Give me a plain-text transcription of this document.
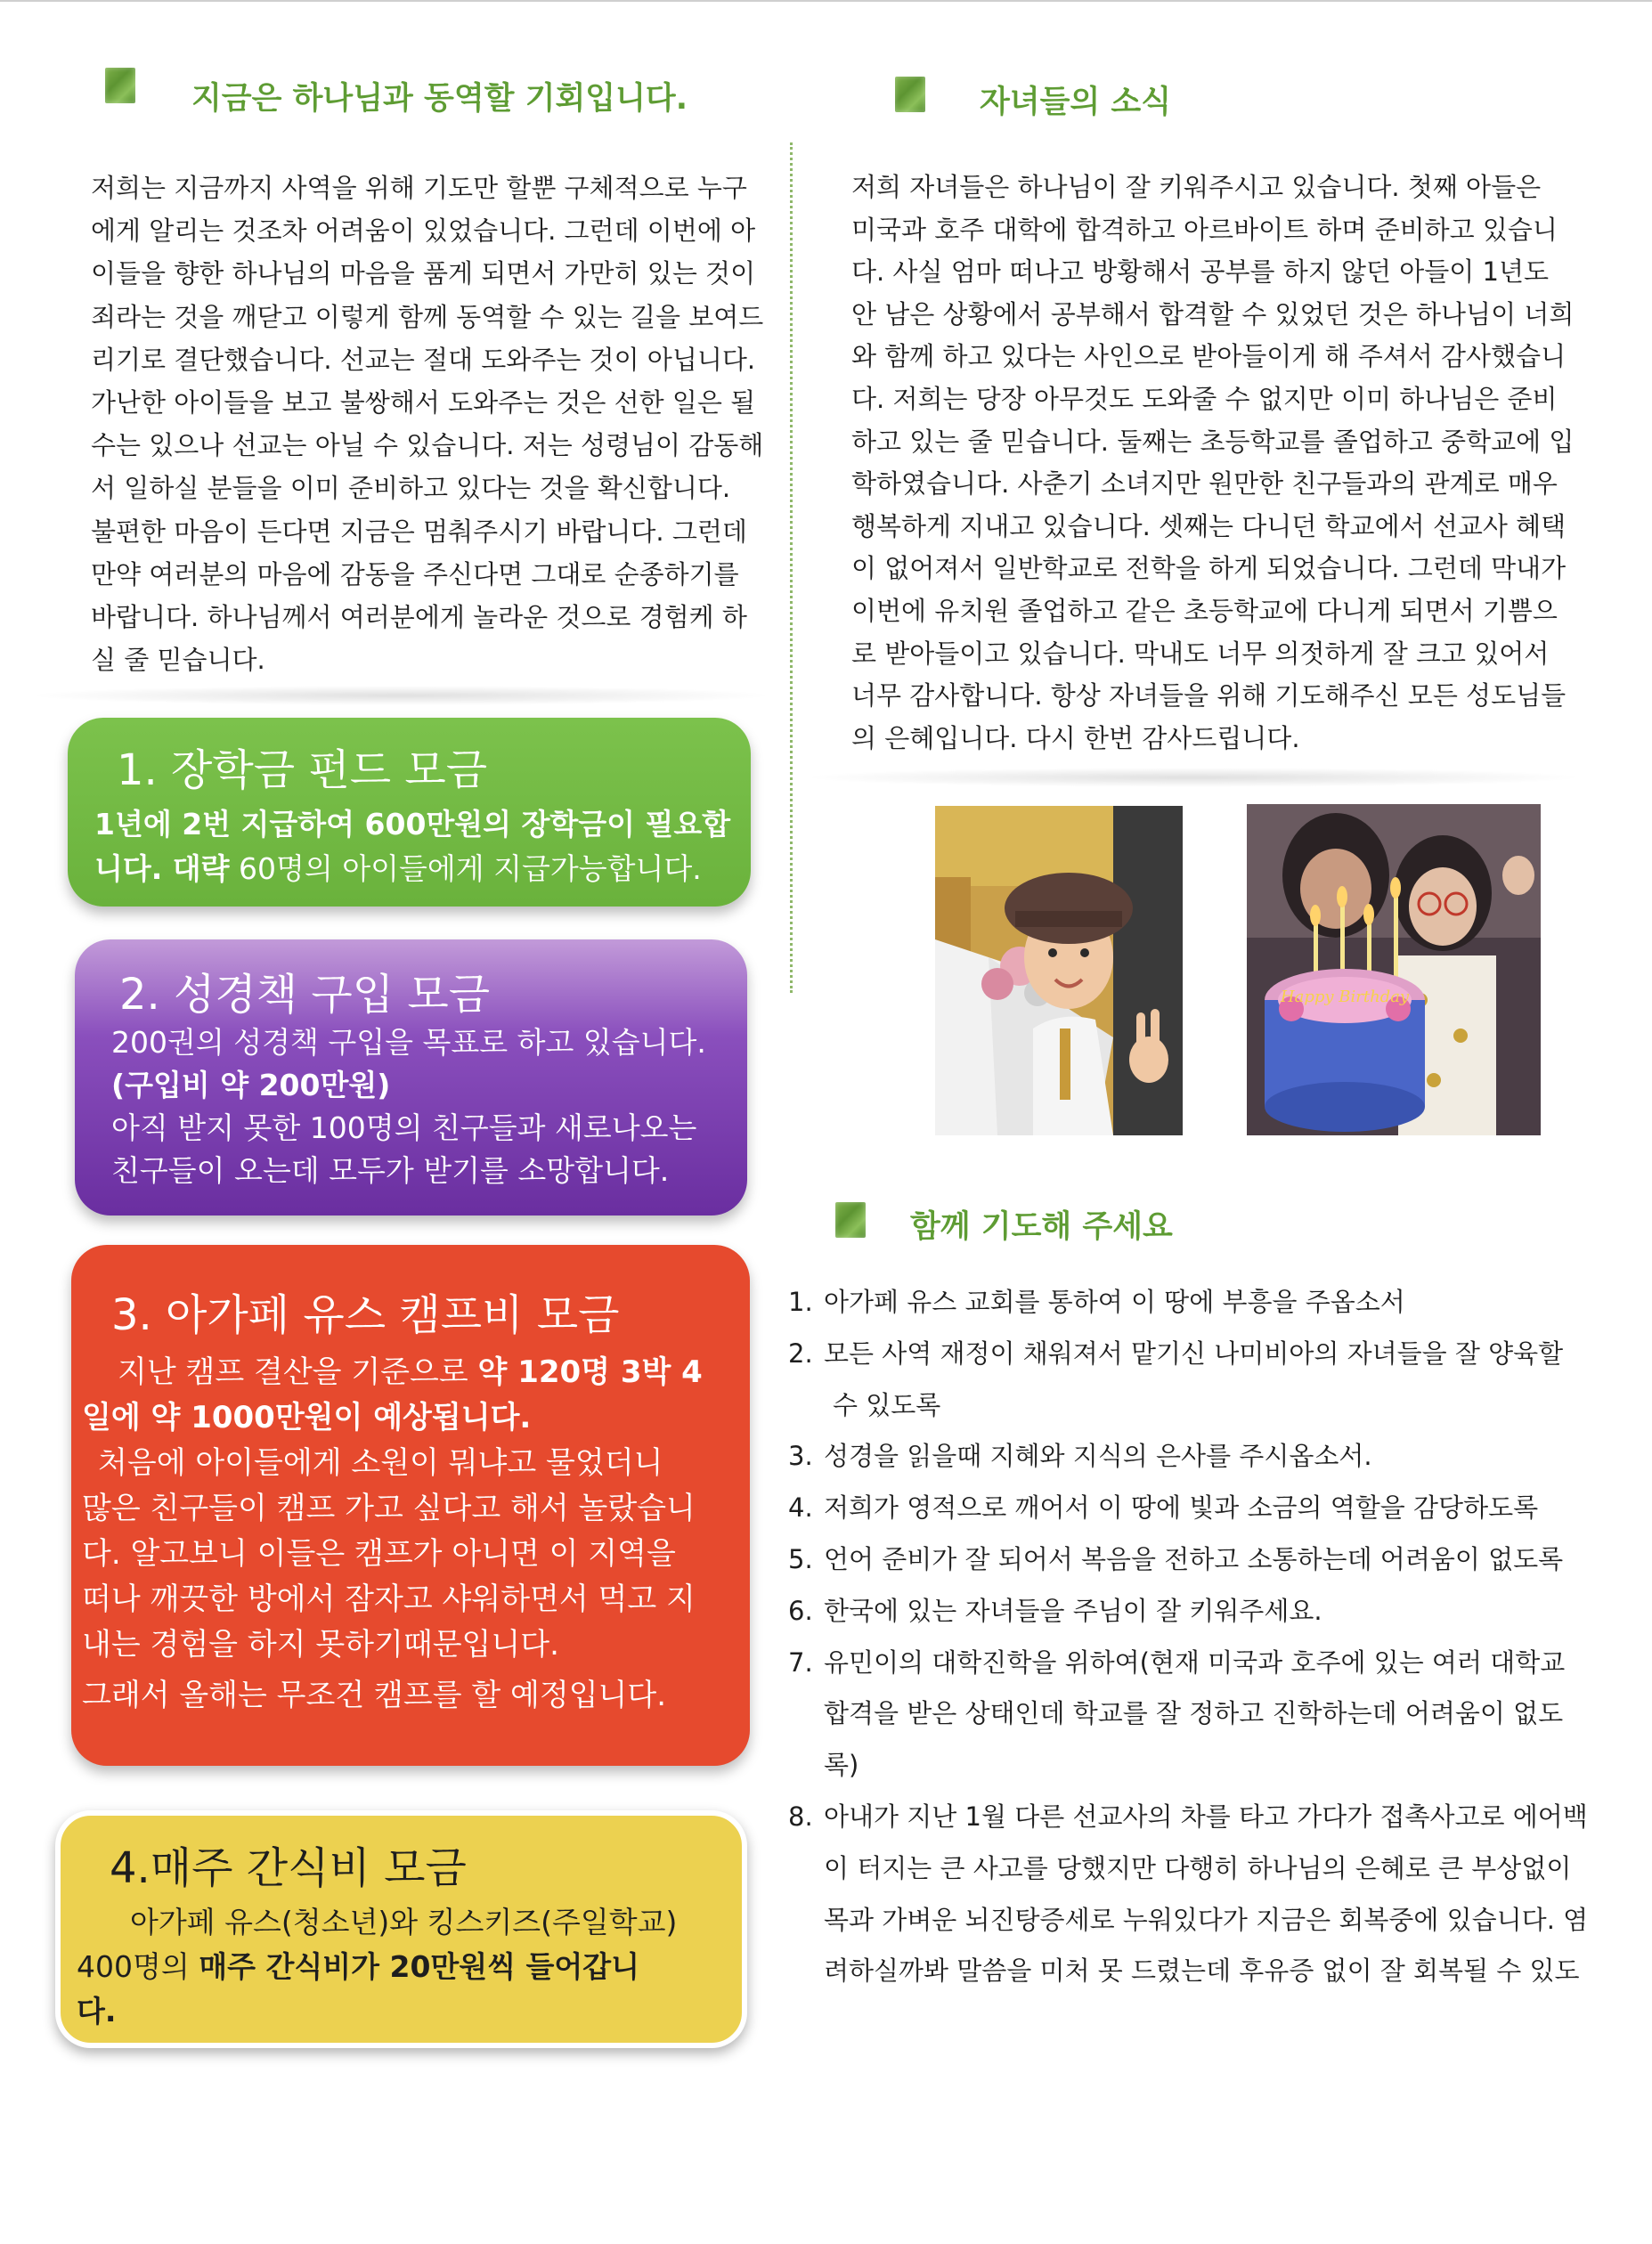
지금은 하나님과 동역할 기회입니다.
저희는 지금까지 사역을 위해 기도만 할뿐 구체적으로 누구
에게 알리는 것조차 어려움이 있었습니다. 그런데 이번에 아
이들을 향한 하나님의 마음을 품게 되면서 가만히 있는 것이
죄라는 것을 깨닫고 이렇게 함께 동역할 수 있는 길을 보여드
리기로 결단했습니다. 선교는 절대 도와주는 것이 아닙니다.
가난한 아이들을 보고 불쌍해서 도와주는 것은 선한 일은 될
수는 있으나 선교는 아닐 수 있습니다. 저는 성령님이 감동해
서 일하실 분들을 이미 준비하고 있다는 것을 확신합니다.
불편한 마음이 든다면 지금은 멈춰주시기 바랍니다. 그런데
만약 여러분의 마음에 감동을 주신다면 그대로 순종하기를
바랍니다. 하나님께서 여러분에게 놀라운 것으로 경험케 하
실 줄 믿습니다.
자녀들의 소식
저희 자녀들은 하나님이 잘 키워주시고 있습니다. 첫째 아들은
미국과 호주 대학에 합격하고 아르바이트 하며 준비하고 있습니
다. 사실 엄마 떠나고 방황해서 공부를 하지 않던 아들이 1년도
안 남은 상황에서 공부해서 합격할 수 있었던 것은 하나님이 너희
와 함께 하고 있다는 사인으로 받아들이게 해 주셔서 감사했습니
다. 저희는 당장 아무것도 도와줄 수 없지만 이미 하나님은 준비
하고 있는 줄 믿습니다. 둘째는 초등학교를 졸업하고 중학교에 입
학하였습니다. 사춘기 소녀지만 원만한 친구들과의 관계로 매우
행복하게 지내고 있습니다. 셋째는 다니던 학교에서 선교사 혜택
이 없어져서 일반학교로 전학을 하게 되었습니다. 그런데 막내가
이번에 유치원 졸업하고 같은 초등학교에 다니게 되면서 기쁨으
로 받아들이고 있습니다. 막내도 너무 의젓하게 잘 크고 있어서
너무 감사합니다. 항상 자녀들을 위해 기도해주신 모든 성도님들
의 은혜입니다. 다시 한번 감사드립니다.
1. 장학금 펀드 모금
1년에 2번 지급하여 600만원의 장학금이 필요합
니다. 대략 60명의 아이들에게 지급가능합니다.
2. 성경책 구입 모금
200권의 성경책 구입을 목표로 하고 있습니다.
(구입비 약 200만원)
아직 받지 못한 100명의 친구들과 새로나오는
친구들이 오는데 모두가 받기를 소망합니다.
3. 아가페 유스 캠프비 모금
지난 캠프 결산을 기준으로 약 120명 3박 4
일에 약 1000만원이 예상됩니다.
처음에 아이들에게 소원이 뭐냐고 물었더니
많은 친구들이 캠프 가고 싶다고 해서 놀랐습니
다. 알고보니 이들은 캠프가 아니면 이 지역을
떠나 깨끗한 방에서 잠자고 샤워하면서 먹고 지
내는 경험을 하지 못하기때문입니다.
그래서 올해는 무조건 캠프를 할 예정입니다.
4.매주 간식비 모금
아가페 유스(청소년)와 킹스키즈(주일학교)
400명의 매주 간식비가 20만원씩 들어갑니
다.
Happy Birthday
함께 기도해 주세요
1. 아가페 유스 교회를 통하여 이 땅에 부흥을 주옵소서
2. 모든 사역 재정이 채워져서 맡기신 나미비아의 자녀들을 잘 양육할
수 있도록
3. 성경을 읽을때 지혜와 지식의 은사를 주시옵소서.
4. 저희가 영적으로 깨어서 이 땅에 빛과 소금의 역할을 감당하도록
5. 언어 준비가 잘 되어서 복음을 전하고 소통하는데 어려움이 없도록
6. 한국에 있는 자녀들을 주님이 잘 키워주세요.
7. 유민이의 대학진학을 위하여(현재 미국과 호주에 있는 여러 대학교
합격을 받은 상태인데 학교를 잘 정하고 진학하는데 어려움이 없도
록)
8. 아내가 지난 1월 다른 선교사의 차를 타고 가다가 접촉사고로 에어백
이 터지는 큰 사고를 당했지만 다행히 하나님의 은혜로 큰 부상없이
목과 가벼운 뇌진탕증세로 누워있다가 지금은 회복중에 있습니다. 염
려하실까봐 말씀을 미처 못 드렸는데 후유증 없이 잘 회복될 수 있도
